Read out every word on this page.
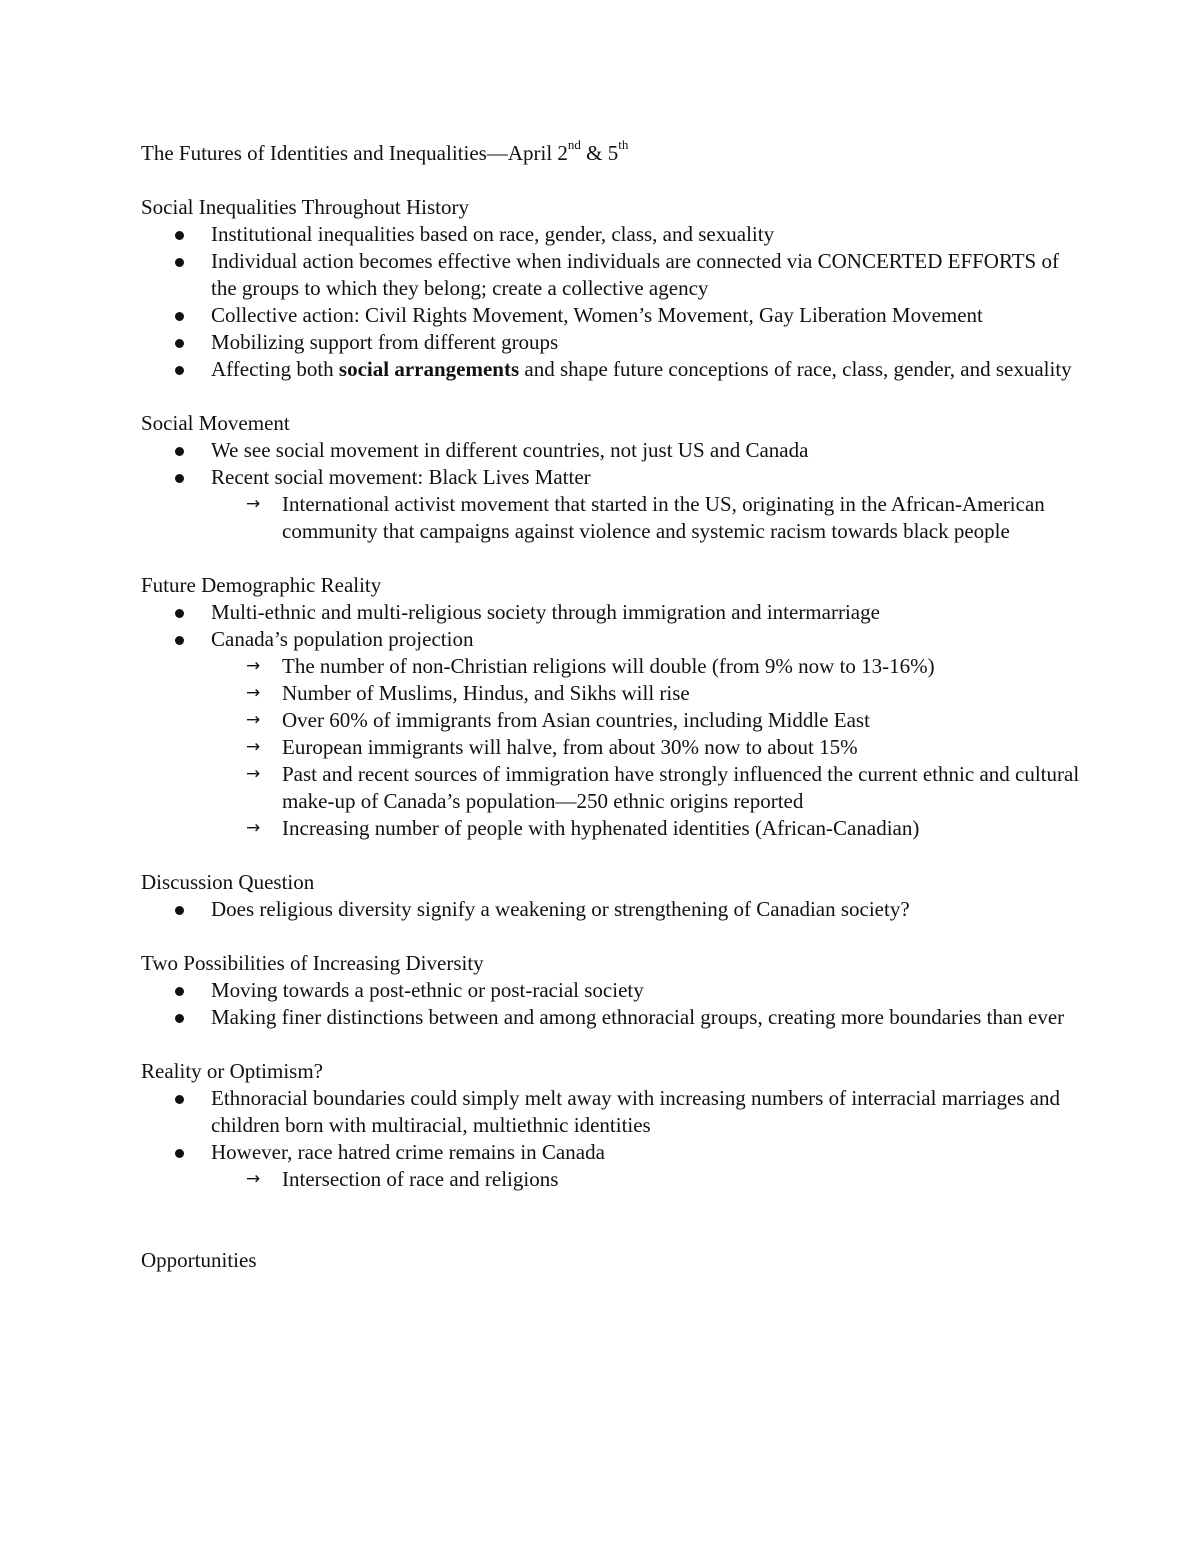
The Futures of Identities and Inequalities—April 2nd & 5th

Social Inequalities Throughout History

Institutional inequalities based on race, gender, class, and sexuality
Individual action becomes effective when individuals are connected via CONCERTED EFFORTS of the groups to which they belong; create a collective agency
Collective action: Civil Rights Movement, Women’s Movement, Gay Liberation Movement
Mobilizing support from different groups
Affecting both social arrangements and shape future conceptions of race, class, gender, and sexuality

Social Movement

We see social movement in different countries, not just US and Canada
Recent social movement: Black Lives Matter
→ International activist movement that started in the US, originating in the African-American community that campaigns against violence and systemic racism towards black people

Future Demographic Reality

Multi-ethnic and multi-religious society through immigration and intermarriage
Canada’s population projection
→ The number of non-Christian religions will double (from 9% now to 13-16%)
→ Number of Muslims, Hindus, and Sikhs will rise
→ Over 60% of immigrants from Asian countries, including Middle East
→ European immigrants will halve, from about 30% now to about 15%
→ Past and recent sources of immigration have strongly influenced the current ethnic and cultural make-up of Canada’s population—250 ethnic origins reported
→ Increasing number of people with hyphenated identities (African-Canadian)

Discussion Question

Does religious diversity signify a weakening or strengthening of Canadian society?

Two Possibilities of Increasing Diversity

Moving towards a post-ethnic or post-racial society
Making finer distinctions between and among ethnoracial groups, creating more boundaries than ever

Reality or Optimism?

Ethnoracial boundaries could simply melt away with increasing numbers of interracial marriages and children born with multiracial, multiethnic identities
However, race hatred crime remains in Canada
→ Intersection of race and religions

Opportunities
